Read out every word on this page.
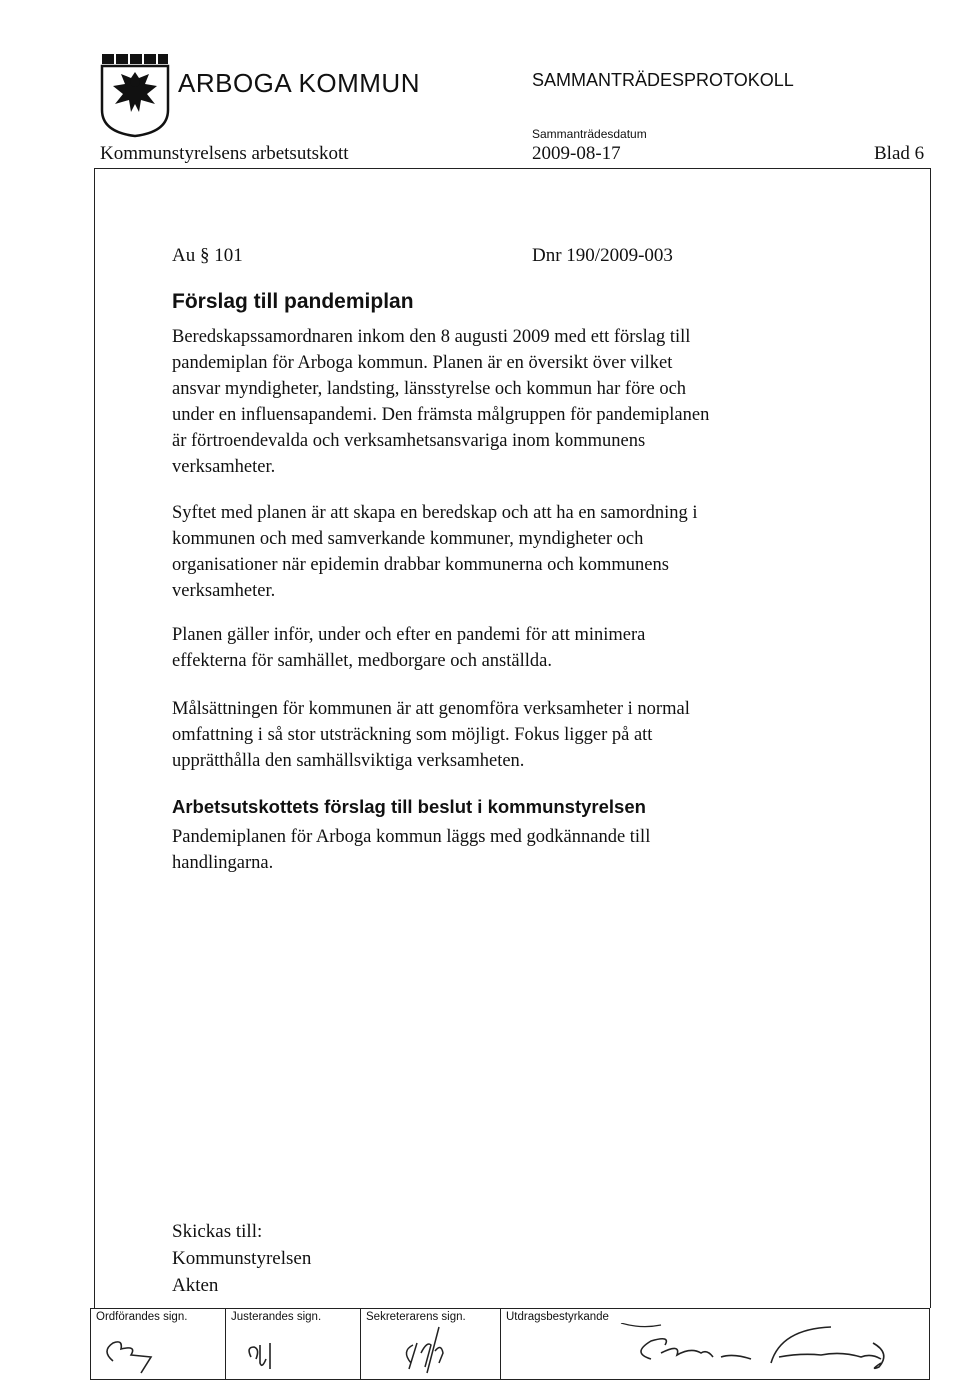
ARBOGA KOMMUN	SAMMANTRÄDESPROTOKOLL
Sammanträdesdatum
Kommunstyrelsens arbetsutskott	2009-08-17	Blad 6
Au § 101	Dnr 190/2009-003
Förslag till pandemiplan
Beredskapssamordnaren inkom den 8 augusti 2009 med ett förslag till
pandemiplan för Arboga kommun. Planen är en översikt över vilket
ansvar myndigheter, landsting, länsstyrelse och kommun har före och
under en influensapandemi. Den främsta målgruppen för pandemiplanen
är förtroendevalda och verksamhetsansvariga inom kommunens
verksamheter.
Syftet med planen är att skapa en beredskap och att ha en samordning i
kommunen och med samverkande kommuner, myndigheter och
organisationer när epidemin drabbar kommunerna och kommunens
verksamheter.
Planen gäller inför, under och efter en pandemi för att minimera
effekterna för samhället, medborgare och anställda.
Målsättningen för kommunen är att genomföra verksamheter i normal
omfattning i så stor utsträckning som möjligt. Fokus ligger på att
upprätthålla den samhällsviktiga verksamheten.
Arbetsutskottets förslag till beslut i kommunstyrelsen
Pandemiplanen för Arboga kommun läggs med godkännande till
handlingarna.
Skickas till:
Kommunstyrelsen
Akten
Ordförandes sign.	Justerandes sign.	Sekreterarens sign.	Utdragsbestyrkande
